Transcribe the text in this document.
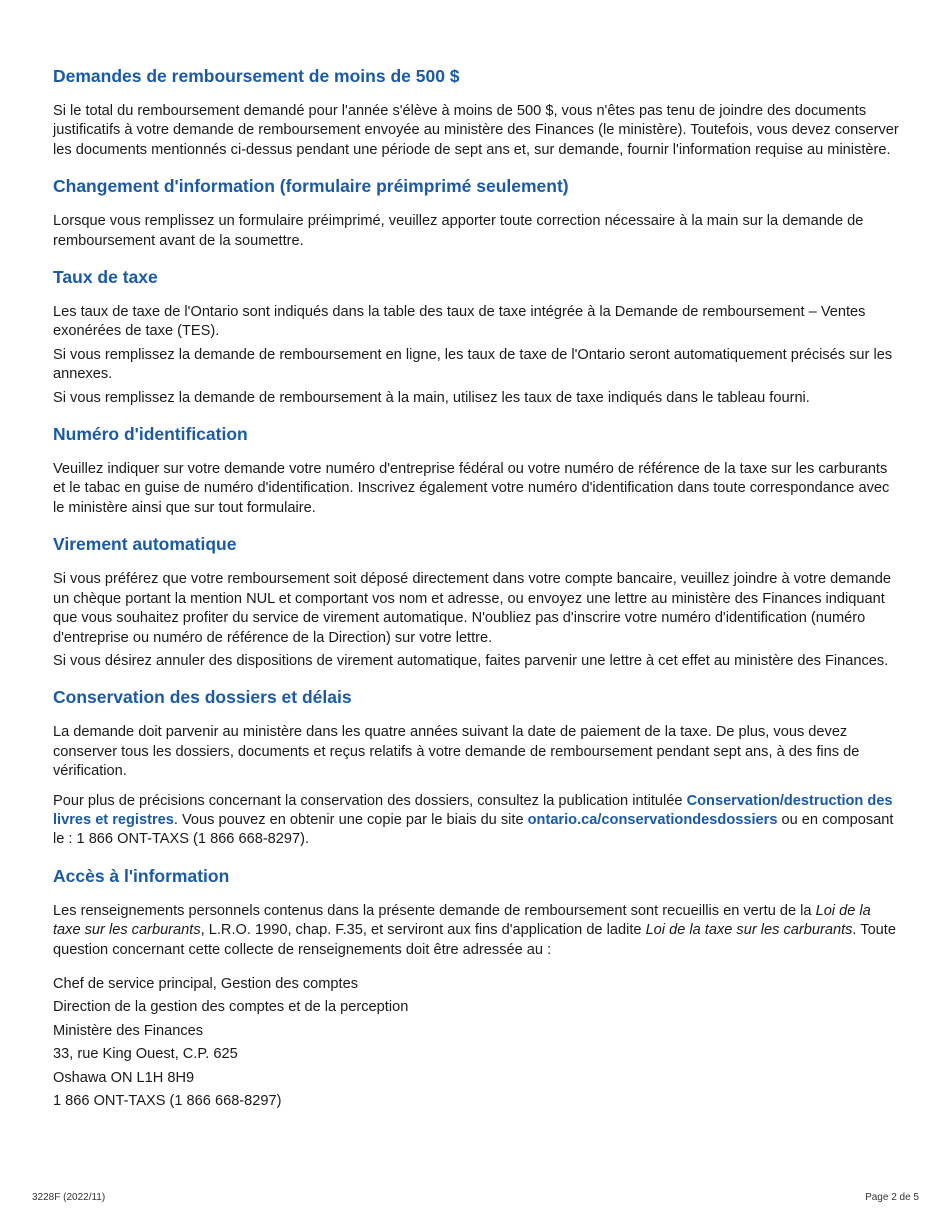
Demandes de remboursement de moins de 500 $

Si le total du remboursement demandé pour l'année s'élève à moins de 500 $, vous n'êtes pas tenu de joindre des documents justificatifs à votre demande de remboursement envoyée au ministère des Finances (le ministère). Toutefois, vous devez conserver les documents mentionnés ci-dessus pendant une période de sept ans et, sur demande, fournir l'information requise au ministère.

Changement d'information (formulaire préimprimé seulement)

Lorsque vous remplissez un formulaire préimprimé, veuillez apporter toute correction nécessaire à la main sur la demande de remboursement avant de la soumettre.

Taux de taxe

Les taux de taxe de l'Ontario sont indiqués dans la table des taux de taxe intégrée à la Demande de remboursement – Ventes exonérées de taxe (TES).

Si vous remplissez la demande de remboursement en ligne, les taux de taxe de l'Ontario seront automatiquement précisés sur les annexes.

Si vous remplissez la demande de remboursement à la main, utilisez les taux de taxe indiqués dans le tableau fourni.

Numéro d'identification

Veuillez indiquer sur votre demande votre numéro d'entreprise fédéral ou votre numéro de référence de la taxe sur les carburants et le tabac en guise de numéro d'identification. Inscrivez également votre numéro d'identification dans toute correspondance avec le ministère ainsi que sur tout formulaire.

Virement automatique

Si vous préférez que votre remboursement soit déposé directement dans votre compte bancaire, veuillez joindre à votre demande un chèque portant la mention NUL et comportant vos nom et adresse, ou envoyez une lettre au ministère des Finances indiquant que vous souhaitez profiter du service de virement automatique. N'oubliez pas d'inscrire votre numéro d'identification (numéro d'entreprise ou numéro de référence de la Direction) sur votre lettre.

Si vous désirez annuler des dispositions de virement automatique, faites parvenir une lettre à cet effet au ministère des Finances.

Conservation des dossiers et délais

La demande doit parvenir au ministère dans les quatre années suivant la date de paiement de la taxe. De plus, vous devez conserver tous les dossiers, documents et reçus relatifs à votre demande de remboursement pendant sept ans, à des fins de vérification.

Pour plus de précisions concernant la conservation des dossiers, consultez la publication intitulée Conservation/destruction des livres et registres. Vous pouvez en obtenir une copie par le biais du site ontario.ca/conservationdesdossiers ou en composant le : 1 866 ONT-TAXS (1 866 668-8297).

Accès à l'information

Les renseignements personnels contenus dans la présente demande de remboursement sont recueillis en vertu de la Loi de la taxe sur les carburants, L.R.O. 1990, chap. F.35, et serviront aux fins d'application de ladite Loi de la taxe sur les carburants. Toute question concernant cette collecte de renseignements doit être adressée au :

Chef de service principal, Gestion des comptes

Direction de la gestion des comptes et de la perception

Ministère des Finances

33, rue King Ouest, C.P. 625

Oshawa ON L1H 8H9

1 866 ONT-TAXS (1 866 668-8297)

3228F (2022/11)	Page 2 de 5
